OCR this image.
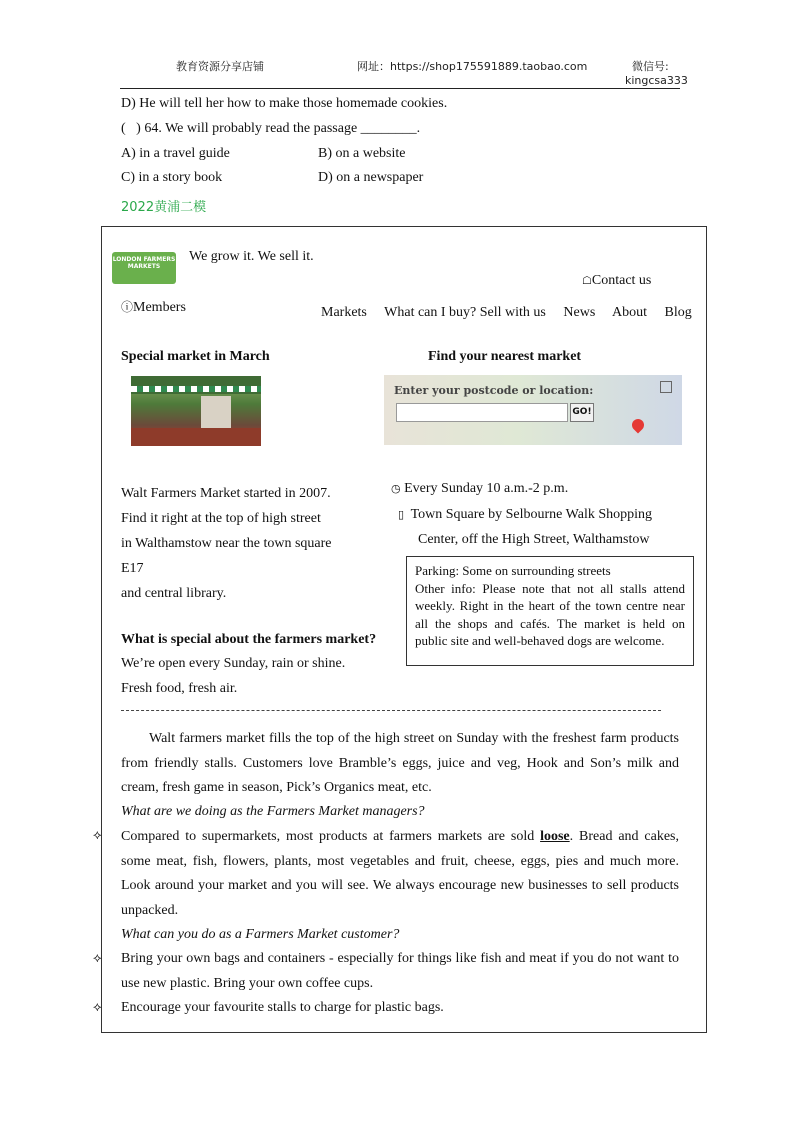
教育资源分享店铺	网址：https://shop175591889.taobao.com	微信号:
kingcsa333
D) He will tell her how to make those homemade cookies.
(   ) 64. We will probably read the passage ________.
A) in a travel guide	B) on a website
C) in a story book	D) on a newspaper
2022黄浦二模
LONDON FARMERS MARKETS
We grow it. We sell it.
☖Contact us
ⓘMembers	Markets What can I buy? Sell with us News About Blog
Special market in March	Find your nearest market
Enter your postcode or location:
GO!
Walt Farmers Market started in 2007.
Find it right at the top of high street
in Walthamstow near the town square
E17
and central library.
◷ Every Sunday 10 a.m.-2 p.m.
▯ Town Square by Selbourne Walk Shopping
Center, off the High Street, Walthamstow
Parking: Some on surrounding streets
Other info: Please note that not all stalls attend weekly. Right in the heart of the town centre near all the shops and cafés. The market is held on public site and well-behaved dogs are welcome.
What is special about the farmers market?
We’re open every Sunday, rain or shine.
Fresh food, fresh air.
Walt farmers market fills the top of the high street on Sunday with the freshest farm products from friendly stalls. Customers love Bramble’s eggs, juice and veg, Hook and Son’s milk and cream, fresh game in season, Pick’s Organics meat, etc.
What are we doing as the Farmers Market managers?
⟡ Compared to supermarkets, most products at farmers markets are sold loose. Bread and cakes, some meat, fish, flowers, plants, most vegetables and fruit, cheese, eggs, pies and much more. Look around your market and you will see. We always encourage new businesses to sell products unpacked.
What can you do as a Farmers Market customer?
⟡ Bring your own bags and containers - especially for things like fish and meat if you do not want to use new plastic. Bring your own coffee cups.
⟡ Encourage your favourite stalls to charge for plastic bags.
